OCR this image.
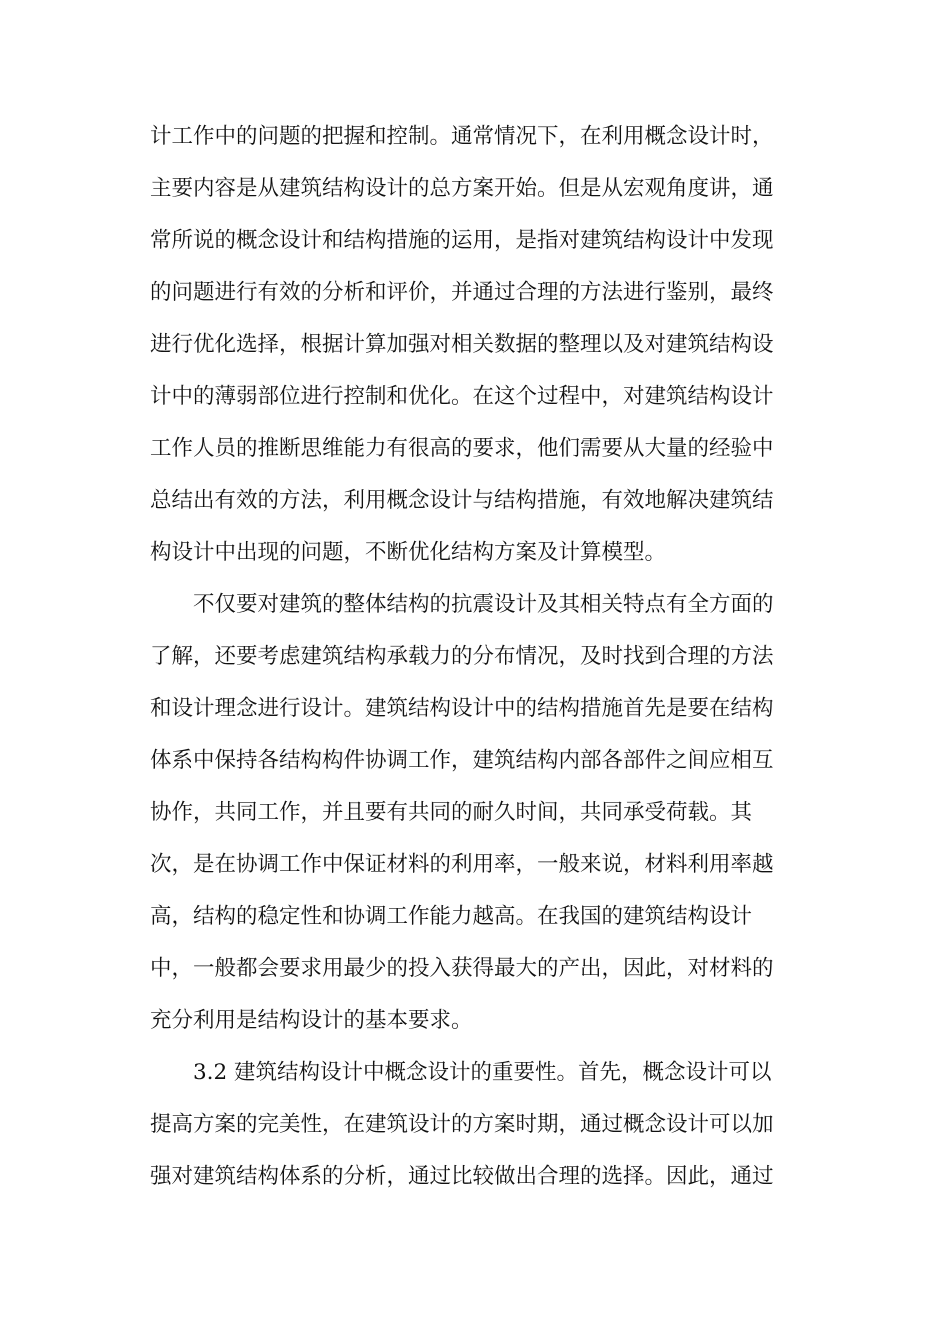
计工作中的问题的把握和控制。通常情况下，在利用概念设计时，
主要内容是从建筑结构设计的总方案开始。但是从宏观角度讲，通
常所说的概念设计和结构措施的运用，是指对建筑结构设计中发现
的问题进行有效的分析和评价，并通过合理的方法进行鉴别，最终
进行优化选择，根据计算加强对相关数据的整理以及对建筑结构设
计中的薄弱部位进行控制和优化。在这个过程中，对建筑结构设计
工作人员的推断思维能力有很高的要求，他们需要从大量的经验中
总结出有效的方法，利用概念设计与结构措施，有效地解决建筑结
构设计中出现的问题，不断优化结构方案及计算模型。
不仅要对建筑的整体结构的抗震设计及其相关特点有全方面的
了解，还要考虑建筑结构承载力的分布情况，及时找到合理的方法
和设计理念进行设计。建筑结构设计中的结构措施首先是要在结构
体系中保持各结构构件协调工作，建筑结构内部各部件之间应相互
协作，共同工作，并且要有共同的耐久时间，共同承受荷载。其
次，是在协调工作中保证材料的利用率，一般来说，材料利用率越
高，结构的稳定性和协调工作能力越高。在我国的建筑结构设计
中，一般都会要求用最少的投入获得最大的产出，因此，对材料的
充分利用是结构设计的基本要求。
3.2 建筑结构设计中概念设计的重要性。首先，概念设计可以
提高方案的完美性，在建筑设计的方案时期，通过概念设计可以加
强对建筑结构体系的分析，通过比较做出合理的选择。因此，通过
